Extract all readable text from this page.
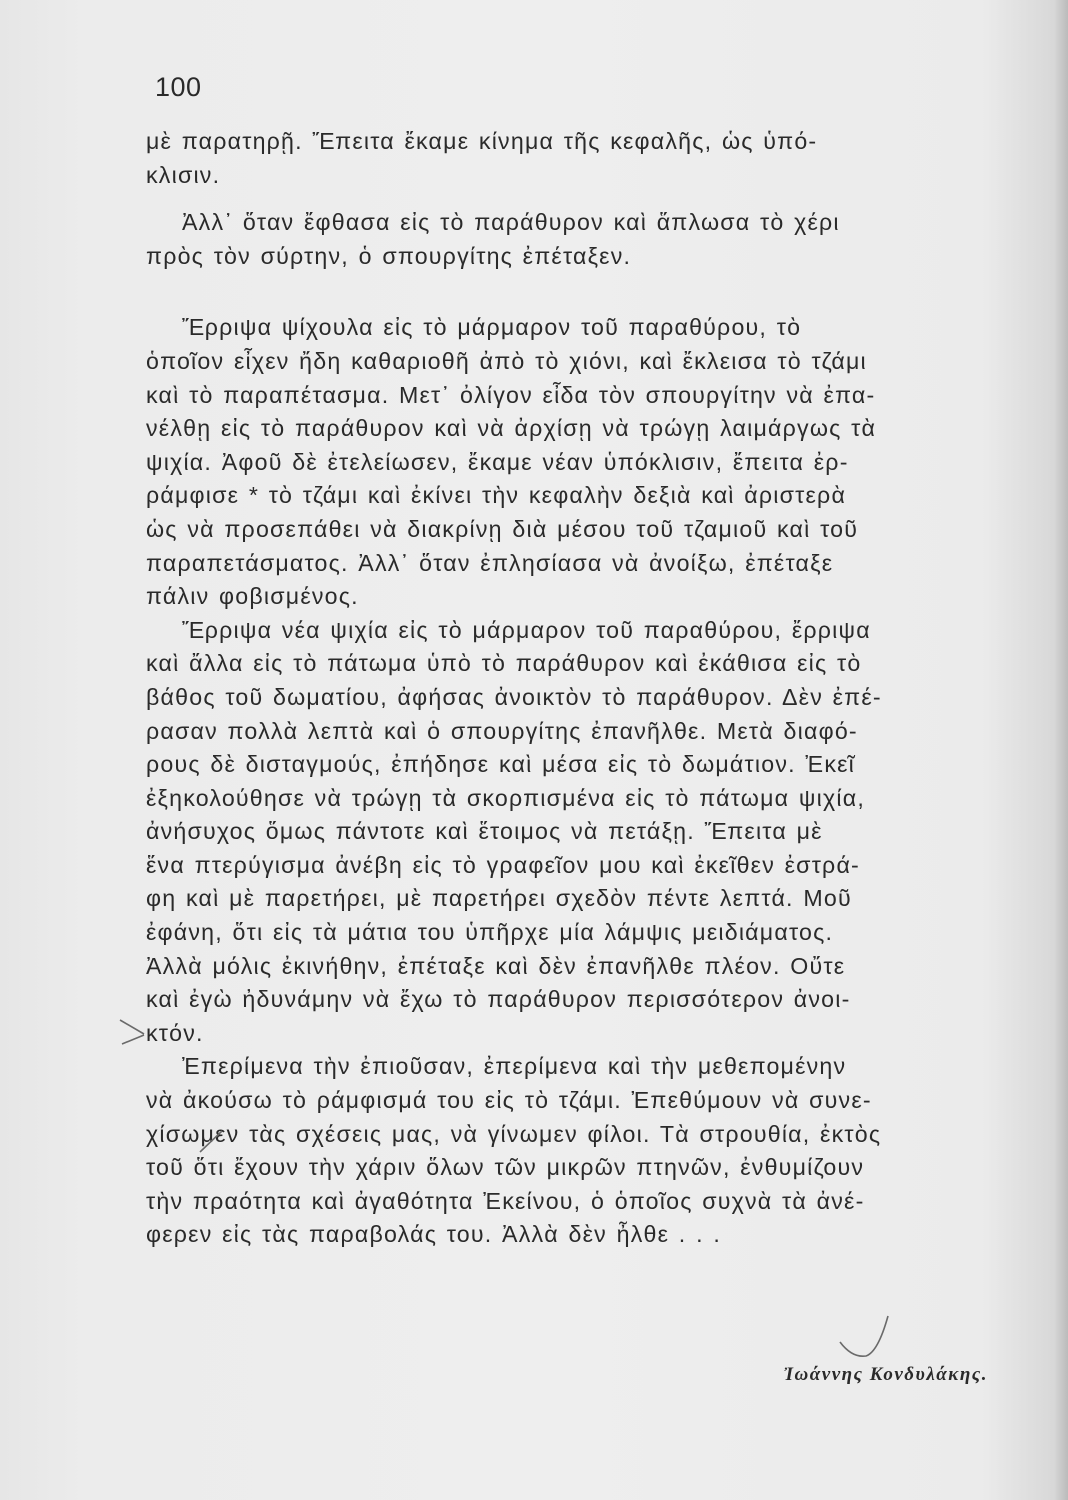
100

μὲ παρατηρῇ. Ἔπειτα ἔκαμε κίνημα τῆς κεφαλῆς, ὡς ὑπό-
κλισιν.

Ἀλλ᾽ ὅταν ἔφθασα εἰς τὸ παράθυρον καὶ ἅπλωσα τὸ χέρι
πρὸς τὸν σύρτην, ὁ σπουργίτης ἐπέταξεν.

Ἔρριψα ψίχουλα εἰς τὸ μάρμαρον τοῦ παραθύρου, τὸ
ὁποῖον εἶχεν ἤδη καθαριοθῆ ἀπὸ τὸ χιόνι, καὶ ἔκλεισα τὸ τζάμι
καὶ τὸ παραπέτασμα. Μετ᾽ ὀλίγον εἶδα τὸν σπουργίτην νὰ ἐπα-
νέλθῃ εἰς τὸ παράθυρον καὶ νὰ ἀρχίσῃ νὰ τρώγῃ λαιμάργως τὰ
ψιχία. Ἀφοῦ δὲ ἐτελείωσεν, ἔκαμε νέαν ὑπόκλισιν, ἔπειτα ἐρ-
ράμφισε * τὸ τζάμι καὶ ἐκίνει τὴν κεφαλὴν δεξιὰ καὶ ἀριστερὰ
ὡς νὰ προσεπάθει νὰ διακρίνῃ διὰ μέσου τοῦ τζαμιοῦ καὶ τοῦ
παραπετάσματος. Ἀλλ᾽ ὅταν ἐπλησίασα νὰ ἀνοίξω, ἐπέταξε
πάλιν φοβισμένος.

Ἔρριψα νέα ψιχία εἰς τὸ μάρμαρον τοῦ παραθύρου, ἔρριψα
καὶ ἄλλα εἰς τὸ πάτωμα ὑπὸ τὸ παράθυρον καὶ ἐκάθισα εἰς τὸ
βάθος τοῦ δωματίου, ἀφήσας ἀνοικτὸν τὸ παράθυρον. Δὲν ἐπέ-
ρασαν πολλὰ λεπτὰ καὶ ὁ σπουργίτης ἐπανῆλθε. Μετὰ διαφό-
ρους δὲ δισταγμούς, ἐπήδησε καὶ μέσα εἰς τὸ δωμάτιον. Ἐκεῖ
ἐξηκολούθησε νὰ τρώγῃ τὰ σκορπισμένα εἰς τὸ πάτωμα ψιχία,
ἀνήσυχος ὅμως πάντοτε καὶ ἕτοιμος νὰ πετάξῃ. Ἔπειτα μὲ
ἕνα πτερύγισμα ἀνέβη εἰς τὸ γραφεῖον μου καὶ ἐκεῖθεν ἐστρά-
φη καὶ μὲ παρετήρει, μὲ παρετήρει σχεδὸν πέντε λεπτά. Μοῦ
ἐφάνη, ὅτι εἰς τὰ μάτια του ὑπῆρχε μία λάμψις μειδιάματος.
Ἀλλὰ μόλις ἐκινήθην, ἐπέταξε καὶ δὲν ἐπανῆλθε πλέον. Οὔτε
καὶ ἐγὼ ἠδυνάμην νὰ ἔχω τὸ παράθυρον περισσότερον ἀνοι-
κτόν.

Ἐπερίμενα τὴν ἐπιοῦσαν, ἐπερίμενα καὶ τὴν μεθεπομένην
νὰ ἀκούσω τὸ ράμφισμά του εἰς τὸ τζάμι. Ἐπεθύμουν νὰ συνε-
χίσωμεν τὰς σχέσεις μας, νὰ γίνωμεν φίλοι. Τὰ στρουθία, ἐκτὸς
τοῦ ὅτι ἔχουν τὴν χάριν ὅλων τῶν μικρῶν πτηνῶν, ἐνθυμίζουν
τὴν πραότητα καὶ ἀγαθότητα Ἐκείνου, ὁ ὁποῖος συχνὰ τὰ ἀνέ-
φερεν εἰς τὰς παραβολάς του. Ἀλλὰ δὲν ἦλθε . . .

Ἰωάννης Κονδυλάκης.
